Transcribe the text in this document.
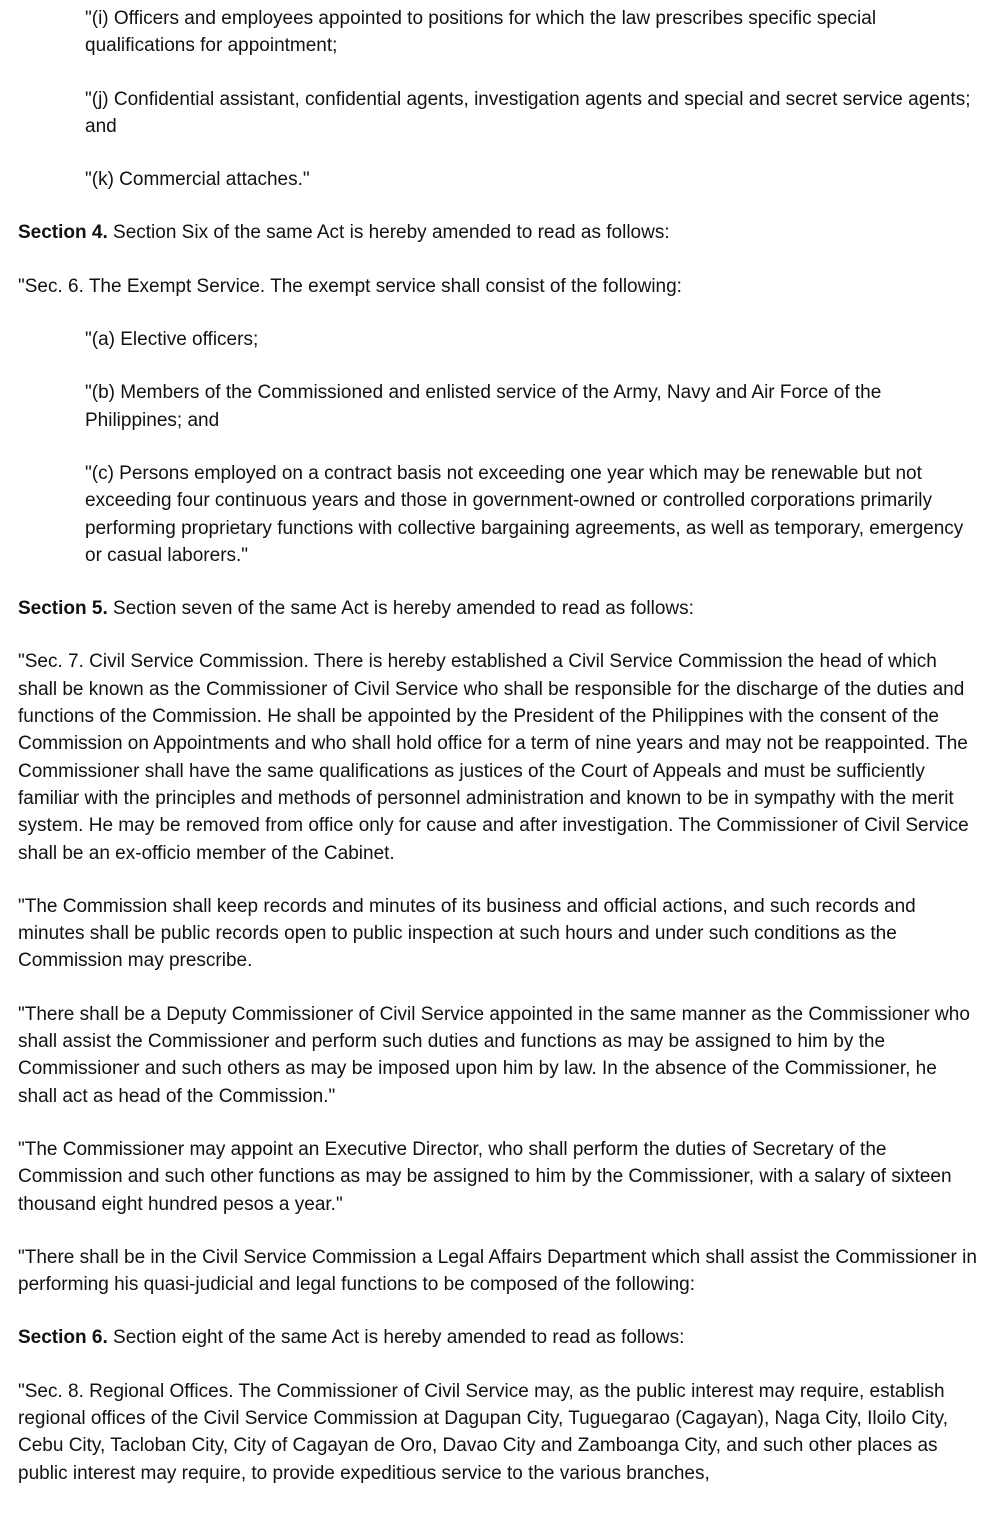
"(i) Officers and employees appointed to positions for which the law prescribes specific special qualifications for appointment;

"(j) Confidential assistant, confidential agents, investigation agents and special and secret service agents; and

"(k) Commercial attaches."

Section 4. Section Six of the same Act is hereby amended to read as follows:

"Sec. 6. The Exempt Service. The exempt service shall consist of the following:

"(a) Elective officers;

"(b) Members of the Commissioned and enlisted service of the Army, Navy and Air Force of the Philippines; and

"(c) Persons employed on a contract basis not exceeding one year which may be renewable but not exceeding four continuous years and those in government-owned or controlled corporations primarily performing proprietary functions with collective bargaining agreements, as well as temporary, emergency or casual laborers."

Section 5. Section seven of the same Act is hereby amended to read as follows:

"Sec. 7. Civil Service Commission. There is hereby established a Civil Service Commission the head of which shall be known as the Commissioner of Civil Service who shall be responsible for the discharge of the duties and functions of the Commission. He shall be appointed by the President of the Philippines with the consent of the Commission on Appointments and who shall hold office for a term of nine years and may not be reappointed. The Commissioner shall have the same qualifications as justices of the Court of Appeals and must be sufficiently familiar with the principles and methods of personnel administration and known to be in sympathy with the merit system. He may be removed from office only for cause and after investigation. The Commissioner of Civil Service shall be an ex-officio member of the Cabinet.

"The Commission shall keep records and minutes of its business and official actions, and such records and minutes shall be public records open to public inspection at such hours and under such conditions as the Commission may prescribe.

"There shall be a Deputy Commissioner of Civil Service appointed in the same manner as the Commissioner who shall assist the Commissioner and perform such duties and functions as may be assigned to him by the Commissioner and such others as may be imposed upon him by law. In the absence of the Commissioner, he shall act as head of the Commission."

"The Commissioner may appoint an Executive Director, who shall perform the duties of Secretary of the Commission and such other functions as may be assigned to him by the Commissioner, with a salary of sixteen thousand eight hundred pesos a year."

"There shall be in the Civil Service Commission a Legal Affairs Department which shall assist the Commissioner in performing his quasi-judicial and legal functions to be composed of the following:

Section 6. Section eight of the same Act is hereby amended to read as follows:

"Sec. 8. Regional Offices. The Commissioner of Civil Service may, as the public interest may require, establish regional offices of the Civil Service Commission at Dagupan City, Tuguegarao (Cagayan), Naga City, Iloilo City, Cebu City, Tacloban City, City of Cagayan de Oro, Davao City and Zamboanga City, and such other places as public interest may require, to provide expeditious service to the various branches,
